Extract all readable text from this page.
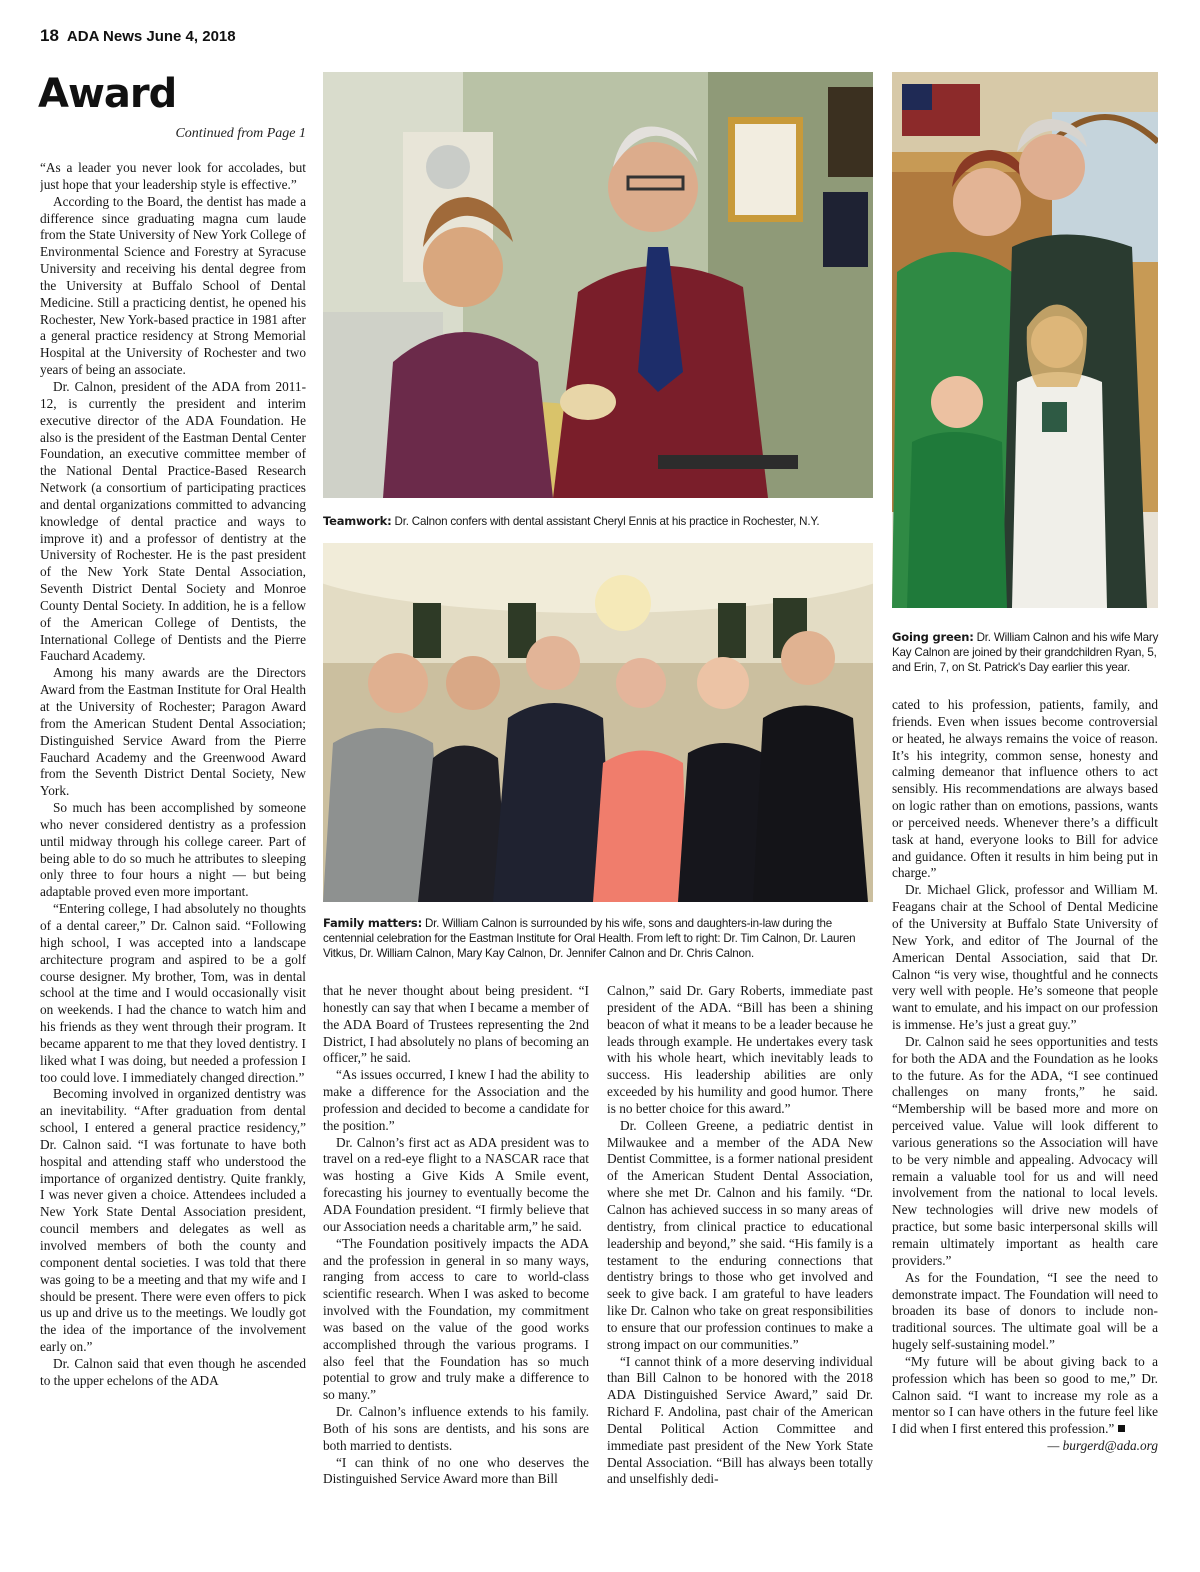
18 ADA News June 4, 2018
Award
Continued from Page 1

“As a leader you never look for accolades, but just hope that your leadership style is effective.”

According to the Board, the dentist has made a difference since graduating magna cum laude from the State University of New York College of Environmental Science and Forestry at Syracuse University and receiving his dental degree from the University at Buffalo School of Dental Medicine. Still a practicing dentist, he opened his Rochester, New York-based practice in 1981 after a general practice residency at Strong Memorial Hospital at the University of Rochester and two years of being an associate.

Dr. Calnon, president of the ADA from 2011-12, is currently the president and interim executive director of the ADA Foundation. He also is the president of the Eastman Dental Center Foundation, an executive committee member of the National Dental Practice-Based Research Network (a consortium of participating practices and dental organizations committed to advancing knowledge of dental practice and ways to improve it) and a professor of dentistry at the University of Rochester. He is the past president of the New York State Dental Association, Seventh District Dental Society and Monroe County Dental Society. In addition, he is a fellow of the American College of Dentists, the International College of Dentists and the Pierre Fauchard Academy.

Among his many awards are the Directors Award from the Eastman Institute for Oral Health at the University of Rochester; Paragon Award from the American Student Dental Association; Distinguished Service Award from the Pierre Fauchard Academy and the Greenwood Award from the Seventh District Dental Society, New York.

So much has been accomplished by someone who never considered dentistry as a profession until midway through his college career. Part of being able to do so much he attributes to sleeping only three to four hours a night — but being adaptable proved even more important.

“Entering college, I had absolutely no thoughts of a dental career,” Dr. Calnon said. “Following high school, I was accepted into a landscape architecture program and aspired to be a golf course designer. My brother, Tom, was in dental school at the time and I would occasionally visit on weekends. I had the chance to watch him and his friends as they went through their program. It became apparent to me that they loved dentistry. I liked what I was doing, but needed a profession I too could love. I immediately changed direction.”

Becoming involved in organized dentistry was an inevitability. “After graduation from dental school, I entered a general practice residency,” Dr. Calnon said. “I was fortunate to have both hospital and attending staff who understood the importance of organized dentistry. Quite frankly, I was never given a choice. Attendees included a New York State Dental Association president, council members and delegates as well as involved members of both the county and component dental societies. I was told that there was going to be a meeting and that my wife and I should be present. There were even offers to pick us up and drive us to the meetings. We loudly got the idea of the importance of the involvement early on.”

Dr. Calnon said that even though he ascended to the upper echelons of the ADA

Teamwork: Dr. Calnon confers with dental assistant Cheryl Ennis at his practice in Rochester, N.Y.
Family matters: Dr. William Calnon is surrounded by his wife, sons and daughters-in-law during the centennial celebration for the Eastman Institute for Oral Health. From left to right: Dr. Tim Calnon, Dr. Lauren Vitkus, Dr. William Calnon, Mary Kay Calnon, Dr. Jennifer Calnon and Dr. Chris Calnon.
Going green: Dr. William Calnon and his wife Mary Kay Calnon are joined by their grandchildren Ryan, 5, and Erin, 7, on St. Patrick's Day earlier this year.

that he never thought about being president. “I honestly can say that when I became a member of the ADA Board of Trustees representing the 2nd District, I had absolutely no plans of becoming an officer,” he said.

“As issues occurred, I knew I had the ability to make a difference for the Association and the profession and decided to become a candidate for the position.”

Dr. Calnon’s first act as ADA president was to travel on a red-eye flight to a NASCAR race that was hosting a Give Kids A Smile event, forecasting his journey to eventually become the ADA Foundation president. “I firmly believe that our Association needs a charitable arm,” he said.

“The Foundation positively impacts the ADA and the profession in general in so many ways, ranging from access to care to world-class scientific research. When I was asked to become involved with the Foundation, my commitment was based on the value of the good works accomplished through the various programs. I also feel that the Foundation has so much potential to grow and truly make a difference to so many.”

Dr. Calnon’s influence extends to his family. Both of his sons are dentists, and his sons are both married to dentists.

“I can think of no one who deserves the Distinguished Service Award more than Bill

Calnon,” said Dr. Gary Roberts, immediate past president of the ADA. “Bill has been a shining beacon of what it means to be a leader because he leads through example. He undertakes every task with his whole heart, which inevitably leads to success. His leadership abilities are only exceeded by his humility and good humor. There is no better choice for this award.”

Dr. Colleen Greene, a pediatric dentist in Milwaukee and a member of the ADA New Dentist Committee, is a former national president of the American Student Dental Association, where she met Dr. Calnon and his family. “Dr. Calnon has achieved success in so many areas of dentistry, from clinical practice to educational leadership and beyond,” she said. “His family is a testament to the enduring connections that dentistry brings to those who get involved and seek to give back. I am grateful to have leaders like Dr. Calnon who take on great responsibilities to ensure that our profession continues to make a strong impact on our communities.”

“I cannot think of a more deserving individual than Bill Calnon to be honored with the 2018 ADA Distinguished Service Award,” said Dr. Richard F. Andolina, past chair of the American Dental Political Action Committee and immediate past president of the New York State Dental Association. “Bill has always been totally and unselfishly dedi-

cated to his profession, patients, family, and friends. Even when issues become controversial or heated, he always remains the voice of reason. It’s his integrity, common sense, honesty and calming demeanor that influence others to act sensibly. His recommendations are always based on logic rather than on emotions, passions, wants or perceived needs. Whenever there’s a difficult task at hand, everyone looks to Bill for advice and guidance. Often it results in him being put in charge.”

Dr. Michael Glick, professor and William M. Feagans chair at the School of Dental Medicine of the University at Buffalo State University of New York, and editor of The Journal of the American Dental Association, said that Dr. Calnon “is very wise, thoughtful and he connects very well with people. He’s someone that people want to emulate, and his impact on our profession is immense. He’s just a great guy.”

Dr. Calnon said he sees opportunities and tests for both the ADA and the Foundation as he looks to the future. As for the ADA, “I see continued challenges on many fronts,” he said. “Membership will be based more and more on perceived value. Value will look different to various generations so the Association will have to be very nimble and appealing. Advocacy will remain a valuable tool for us and will need involvement from the national to local levels. New technologies will drive new models of practice, but some basic interpersonal skills will remain ultimately important as health care providers.”

As for the Foundation, “I see the need to demonstrate impact. The Foundation will need to broaden its base of donors to include non-traditional sources. The ultimate goal will be a hugely self-sustaining model.”

“My future will be about giving back to a profession which has been so good to me,” Dr. Calnon said. “I want to increase my role as a mentor so I can have others in the future feel like I did when I first entered this profession.”

— burgerd@ada.org
